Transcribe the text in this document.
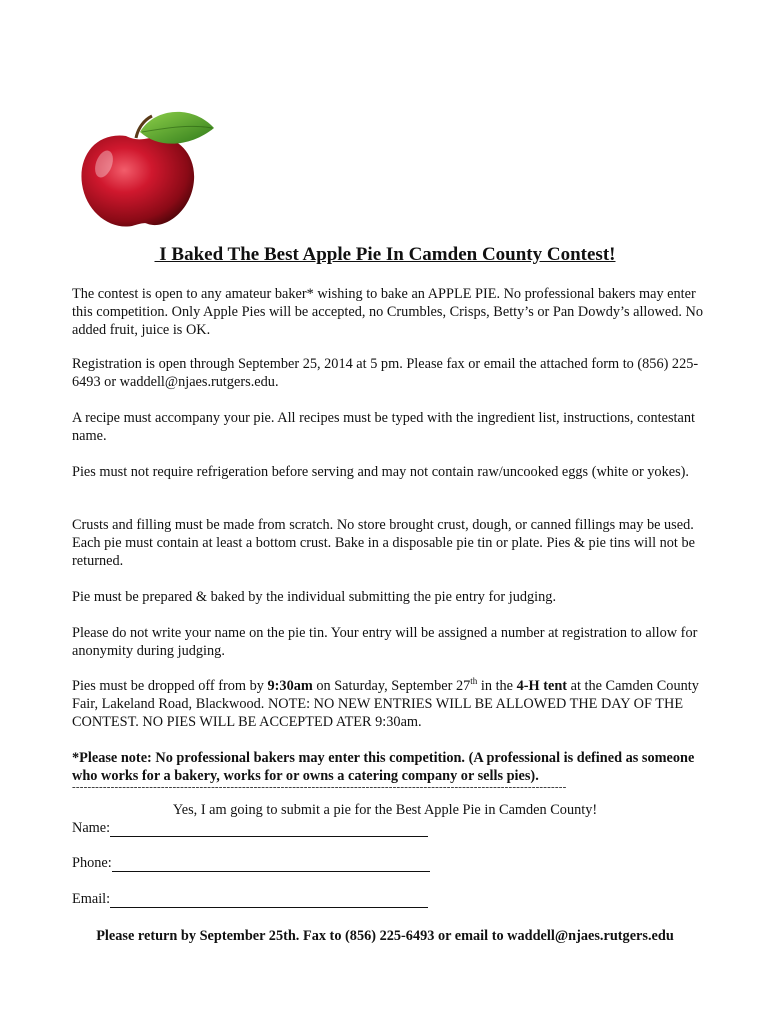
I Baked The Best Apple Pie In Camden County Contest!

The contest is open to any amateur baker* wishing to bake an APPLE PIE. No professional bakers may enter this competition. Only Apple Pies will be accepted, no Crumbles, Crisps, Betty’s or Pan Dowdy’s allowed. No added fruit, juice is OK.

Registration is open through September 25, 2014 at 5 pm. Please fax or email the attached form to (856) 225-6493 or waddell@njaes.rutgers.edu.

A recipe must accompany your pie. All recipes must be typed with the ingredient list, instructions, contestant name.

Pies must not require refrigeration before serving and may not contain raw/uncooked eggs (white or yokes).

Crusts and filling must be made from scratch. No store brought crust, dough, or canned fillings may be used. Each pie must contain at least a bottom crust. Bake in a disposable pie tin or plate. Pies & pie tins will not be returned.

Pie must be prepared & baked by the individual submitting the pie entry for judging.

Please do not write your name on the pie tin. Your entry will be assigned a number at registration to allow for anonymity during judging.

Pies must be dropped off from by 9:30am on Saturday, September 27th in the 4-H tent at the Camden County Fair, Lakeland Road, Blackwood. NOTE: NO NEW ENTRIES WILL BE ALLOWED THE DAY OF THE CONTEST. NO PIES WILL BE ACCEPTED ATER 9:30am.

*Please note: No professional bakers may enter this competition. (A professional is defined as someone who works for a bakery, works for or owns a catering company or sells pies).

--------------------------------------------------------------------------------------------------------------------------------
Yes, I am going to submit a pie for the Best Apple Pie in Camden County!
Name:
Phone:
Email:
Please return by September 25th. Fax to (856) 225-6493 or email to waddell@njaes.rutgers.edu
